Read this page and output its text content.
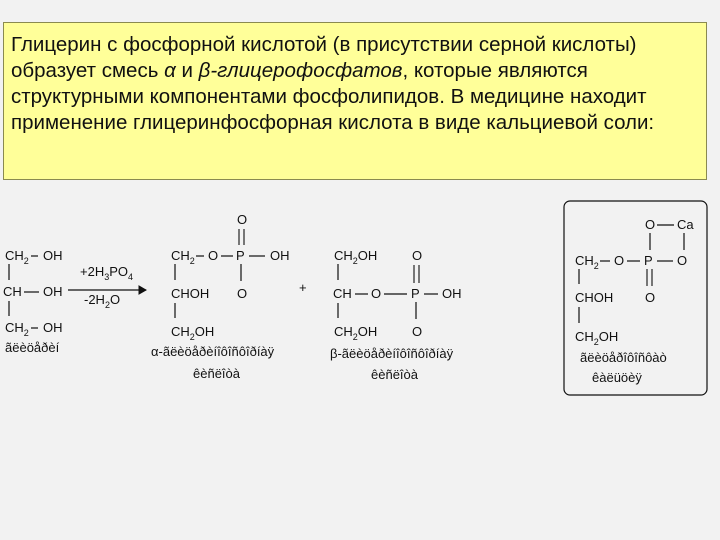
Глицерин с фосфорной кислотой (в присутствии серной кислоты) образует смесь α и β-глицерофосфатов, которые являются структурными компонентами фосфолипидов. В медицине находит применение глицеринфосфорная кислота в виде кальциевой соли:
$CH_2$ OH
CH OH
$CH_2$ OH
ãëèöåðèí
$+2H_3PO_4$
$-2H_2O$
O
$CH_2$ O P OH
O
CHOH
$CH_2OH$
α-ãëèöåðèíîôîñôîðíàÿ
êèñëîòà
+
$CH_2OH$	O
CH O P OH
O
$CH_2OH$
β-ãëèöåðèíîôîñôîðíàÿ
êèñëîòà
O Ca
$CH_2$ O P O
O
CHOH
$CH_2OH$
ãëèöåðîôîñôàò
êàëüöèÿ
